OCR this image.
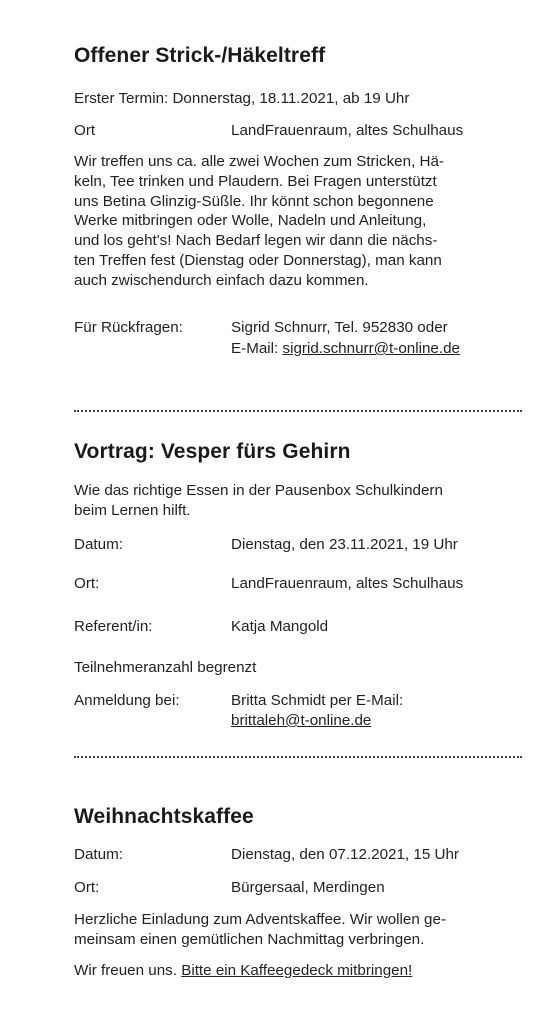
Offener Strick-/Häkeltreff
Erster Termin: Donnerstag, 18.11.2021, ab 19 Uhr
Ort	LandFrauenraum, altes Schulhaus
Wir treffen uns ca. alle zwei Wochen zum Stricken, Hä-
keln, Tee trinken und Plaudern. Bei Fragen unterstützt
uns Betina Glinzig-Süßle. Ihr könnt schon begonnene
Werke mitbringen oder Wolle, Nadeln und Anleitung,
und los geht's! Nach Bedarf legen wir dann die nächs-
ten Treffen fest (Dienstag oder Donnerstag), man kann
auch zwischendurch einfach dazu kommen.
Für Rückfragen:	Sigrid Schnurr, Tel. 952830 oder
E-Mail: sigrid.schnurr@t-online.de
Vortrag: Vesper fürs Gehirn
Wie das richtige Essen in der Pausenbox Schulkindern
beim Lernen hilft.
Datum:	Dienstag, den 23.11.2021, 19 Uhr
Ort:	LandFrauenraum, altes Schulhaus
Referent/in:	Katja Mangold
Teilnehmeranzahl begrenzt
Anmeldung bei:	Britta Schmidt per E-Mail:
brittaleh@t-online.de
Weihnachtskaffee
Datum:	Dienstag, den 07.12.2021, 15 Uhr
Ort:	Bürgersaal, Merdingen
Herzliche Einladung zum Adventskaffee. Wir wollen ge-
meinsam einen gemütlichen Nachmittag verbringen.
Wir freuen uns. Bitte ein Kaffeegedeck mitbringen!
